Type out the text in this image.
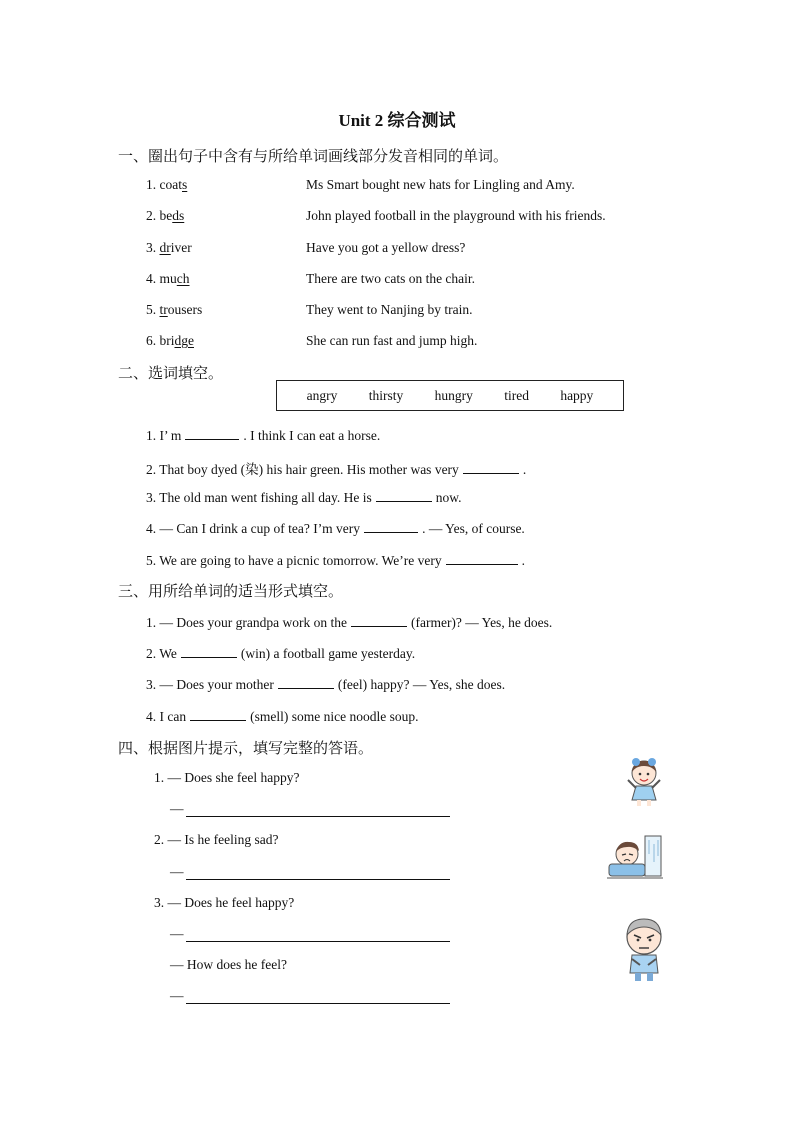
Unit 2 综合测试
一、圈出句子中含有与所给单词画线部分发音相同的单词。
1. coats	Ms Smart bought new hats for Lingling and Amy.
2. beds	John played football in the playground with his friends.
3. driver	Have you got a yellow dress?
4. much	There are two cats on the chair.
5. trousers	They went to Nanjing by train.
6. bridge	She can run fast and jump high.
二、选词填空。
angry thirsty hungry tired happy
1. I’ m	. I think I can eat a horse.
2. That boy dyed (染) his hair green. His mother was very	.
3. The old man went fishing all day. He is	now.
4. — Can I drink a cup of tea? I’m very	. — Yes, of course.
5. We are going to have a picnic tomorrow. We’re very	.
三、用所给单词的适当形式填空。
1. — Does your grandpa work on the	(farmer)? — Yes, he does.
2. We	(win) a football game yesterday.
3. — Does your mother	(feel) happy? — Yes, she does.
4. I can	(smell) some nice noodle soup.
四、根据图片提示，填写完整的答语。
1. — Does she feel happy?
—
2. — Is he feeling sad?
—
3. — Does he feel happy?
—
— How does he feel?
—
